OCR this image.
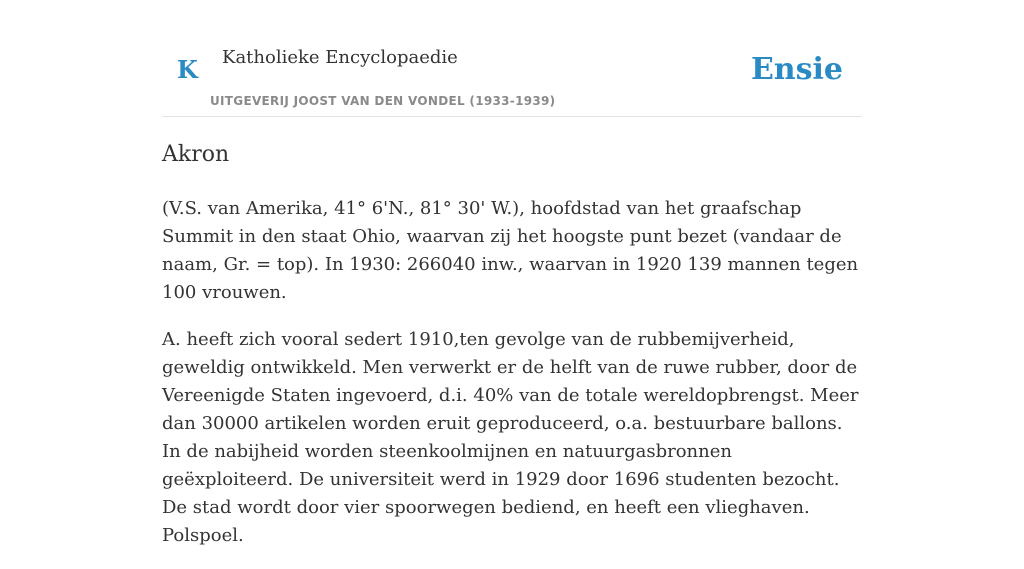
K Katholieke Encyclopaedie
UITGEVERIJ JOOST VAN DEN VONDEL (1933-1939)
Ensie
Akron

(V.S. van Amerika, 41° 6'N., 81° 30' W.), hoofdstad van het graafschap Summit in den staat Ohio, waarvan zij het hoogste punt bezet (vandaar de naam, Gr. = top). In 1930: 266040 inw., waarvan in 1920 139 mannen tegen 100 vrouwen.

A. heeft zich vooral sedert 1910,ten gevolge van de rubbemijverheid, geweldig ontwikkeld. Men verwerkt er de helft van de ruwe rubber, door de Vereenigde Staten ingevoerd, d.i. 40% van de totale wereldopbrengst. Meer dan 30000 artikelen worden eruit geproduceerd, o.a. bestuurbare ballons. In de nabijheid worden steenkoolmijnen en natuurgasbronnen geëxploiteerd. De universiteit werd in 1929 door 1696 studenten bezocht. De stad wordt door vier spoorwegen bediend, en heeft een vlieghaven. Polspoel.
